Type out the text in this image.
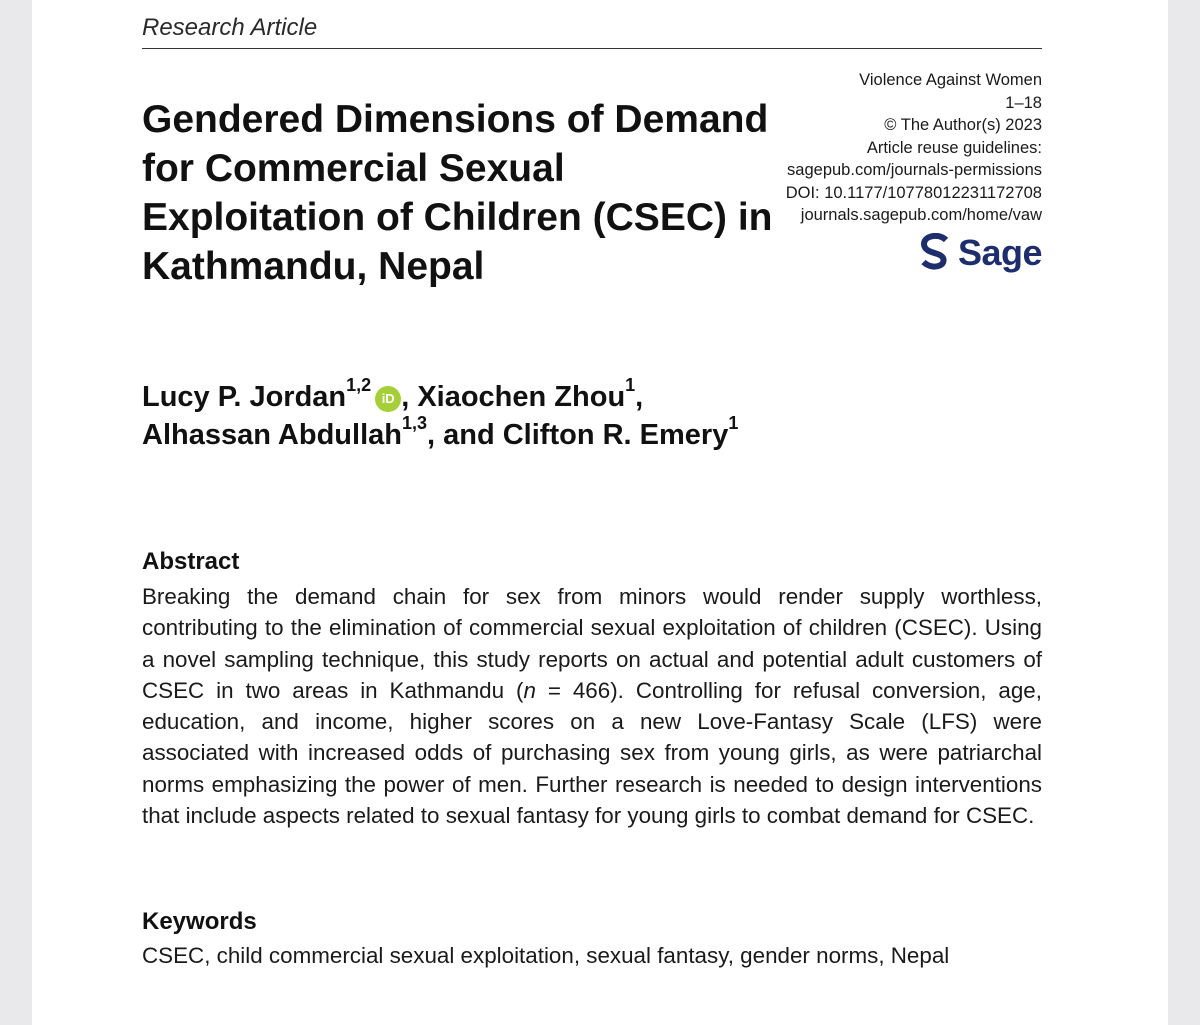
Research Article
Gendered Dimensions of Demand for Commercial Sexual Exploitation of Children (CSEC) in Kathmandu, Nepal
Violence Against Women
1–18
© The Author(s) 2023
Article reuse guidelines:
sagepub.com/journals-permissions
DOI: 10.1177/10778012231172708
journals.sagepub.com/home/vaw
Sage
Lucy P. Jordan$^{1,2}$iD , Xiaochen Zhou$^1$,
Alhassan Abdullah$^{1,3}$, and Clifton R. Emery$^1$
Abstract
Breaking the demand chain for sex from minors would render supply worthless, contributing to the elimination of commercial sexual exploitation of children (CSEC). Using a novel sampling technique, this study reports on actual and potential adult customers of CSEC in two areas in Kathmandu (n = 466). Controlling for refusal conversion, age, education, and income, higher scores on a new Love-Fantasy Scale (LFS) were associated with increased odds of purchasing sex from young girls, as were patriarchal norms emphasizing the power of men. Further research is needed to design interventions that include aspects related to sexual fantasy for young girls to combat demand for CSEC.
Keywords
CSEC, child commercial sexual exploitation, sexual fantasy, gender norms, Nepal
